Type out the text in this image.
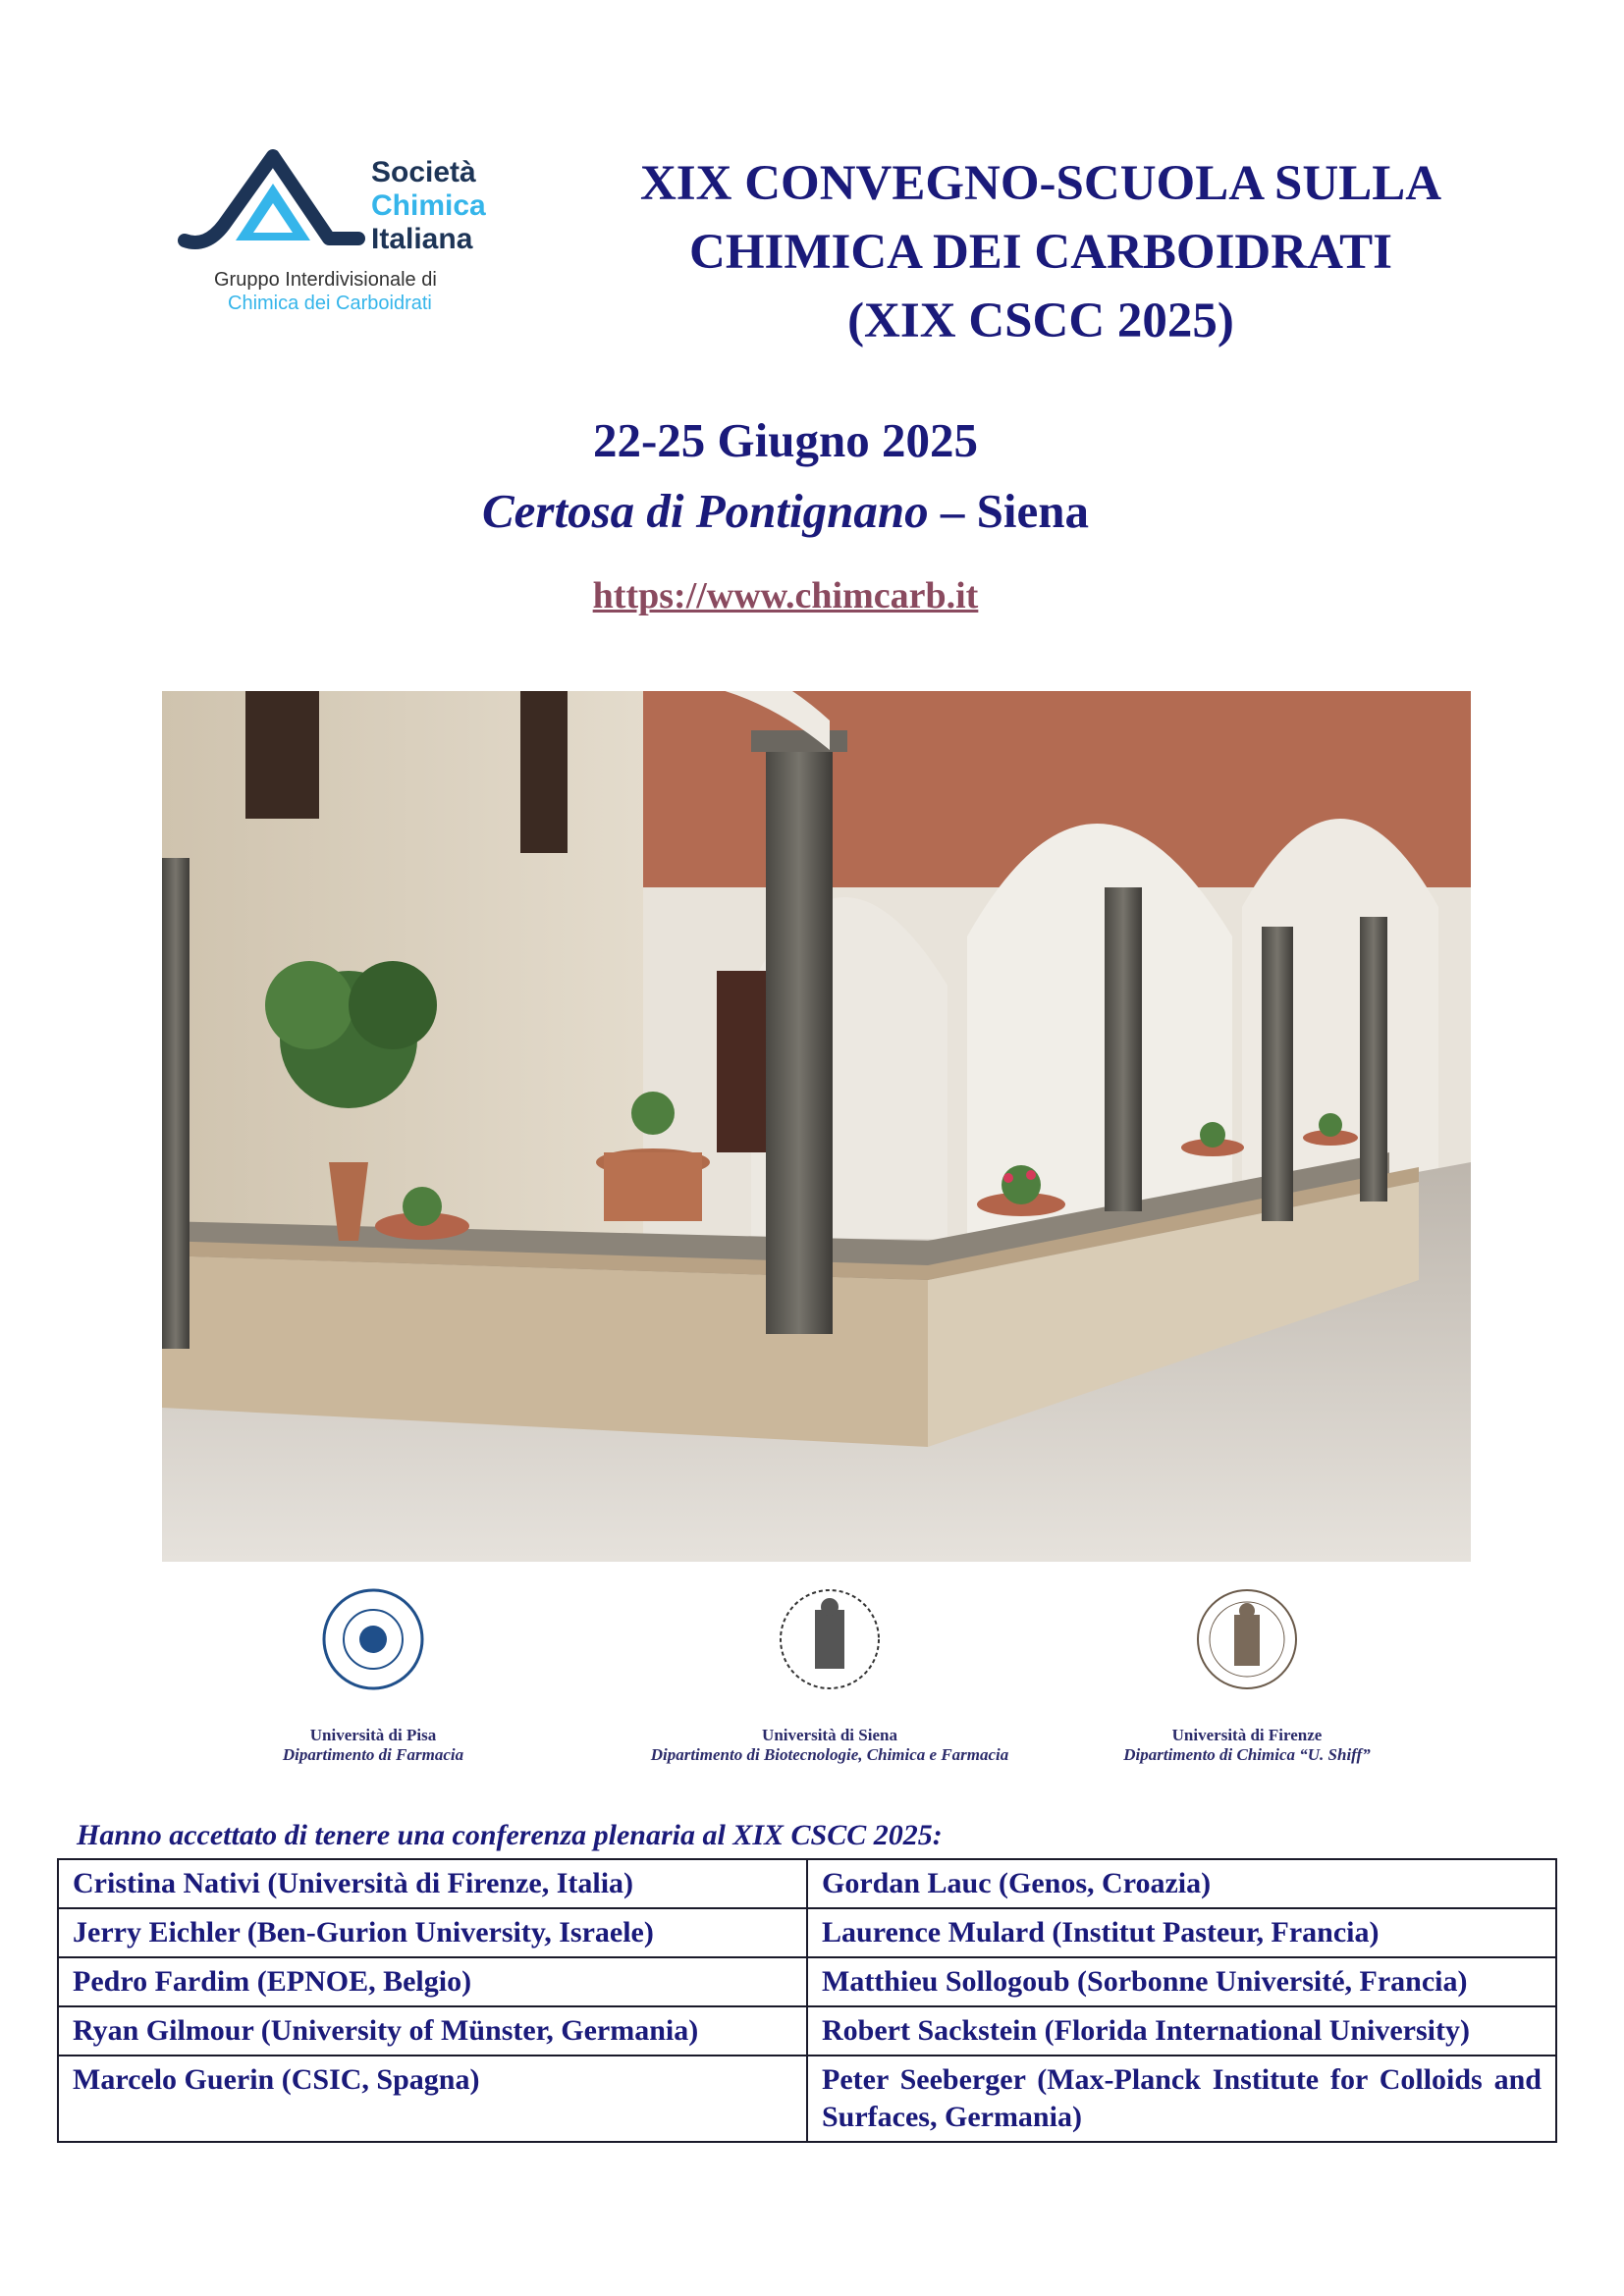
Società
Chimica
Italiana
Gruppo Interdivisionale di
Chimica dei Carboidrati
XIX CONVEGNO-SCUOLA SULLA
CHIMICA DEI CARBOIDRATI
(XIX CSCC 2025)
22-25 Giugno 2025
Certosa di Pontignano – Siena
https://www.chimcarb.it
Università di Pisa
Dipartimento di Farmacia
Università di Siena
Dipartimento di Biotecnologie, Chimica e Farmacia
Università di Firenze
Dipartimento di Chimica “U. Shiff”
Hanno accettato di tenere una conferenza plenaria al XIX CSCC 2025:
Cristina Nativi (Università di Firenze, Italia)	Gordan Lauc (Genos, Croazia)
Jerry Eichler (Ben-Gurion University, Israele)	Laurence Mulard (Institut Pasteur, Francia)
Pedro Fardim (EPNOE, Belgio)	Matthieu Sollogoub (Sorbonne Université, Francia)
Ryan Gilmour (University of Münster, Germania)	Robert Sackstein (Florida International University)
Marcelo Guerin (CSIC, Spagna)	Peter Seeberger (Max-Planck Institute for Colloids and Surfaces, Germania)
